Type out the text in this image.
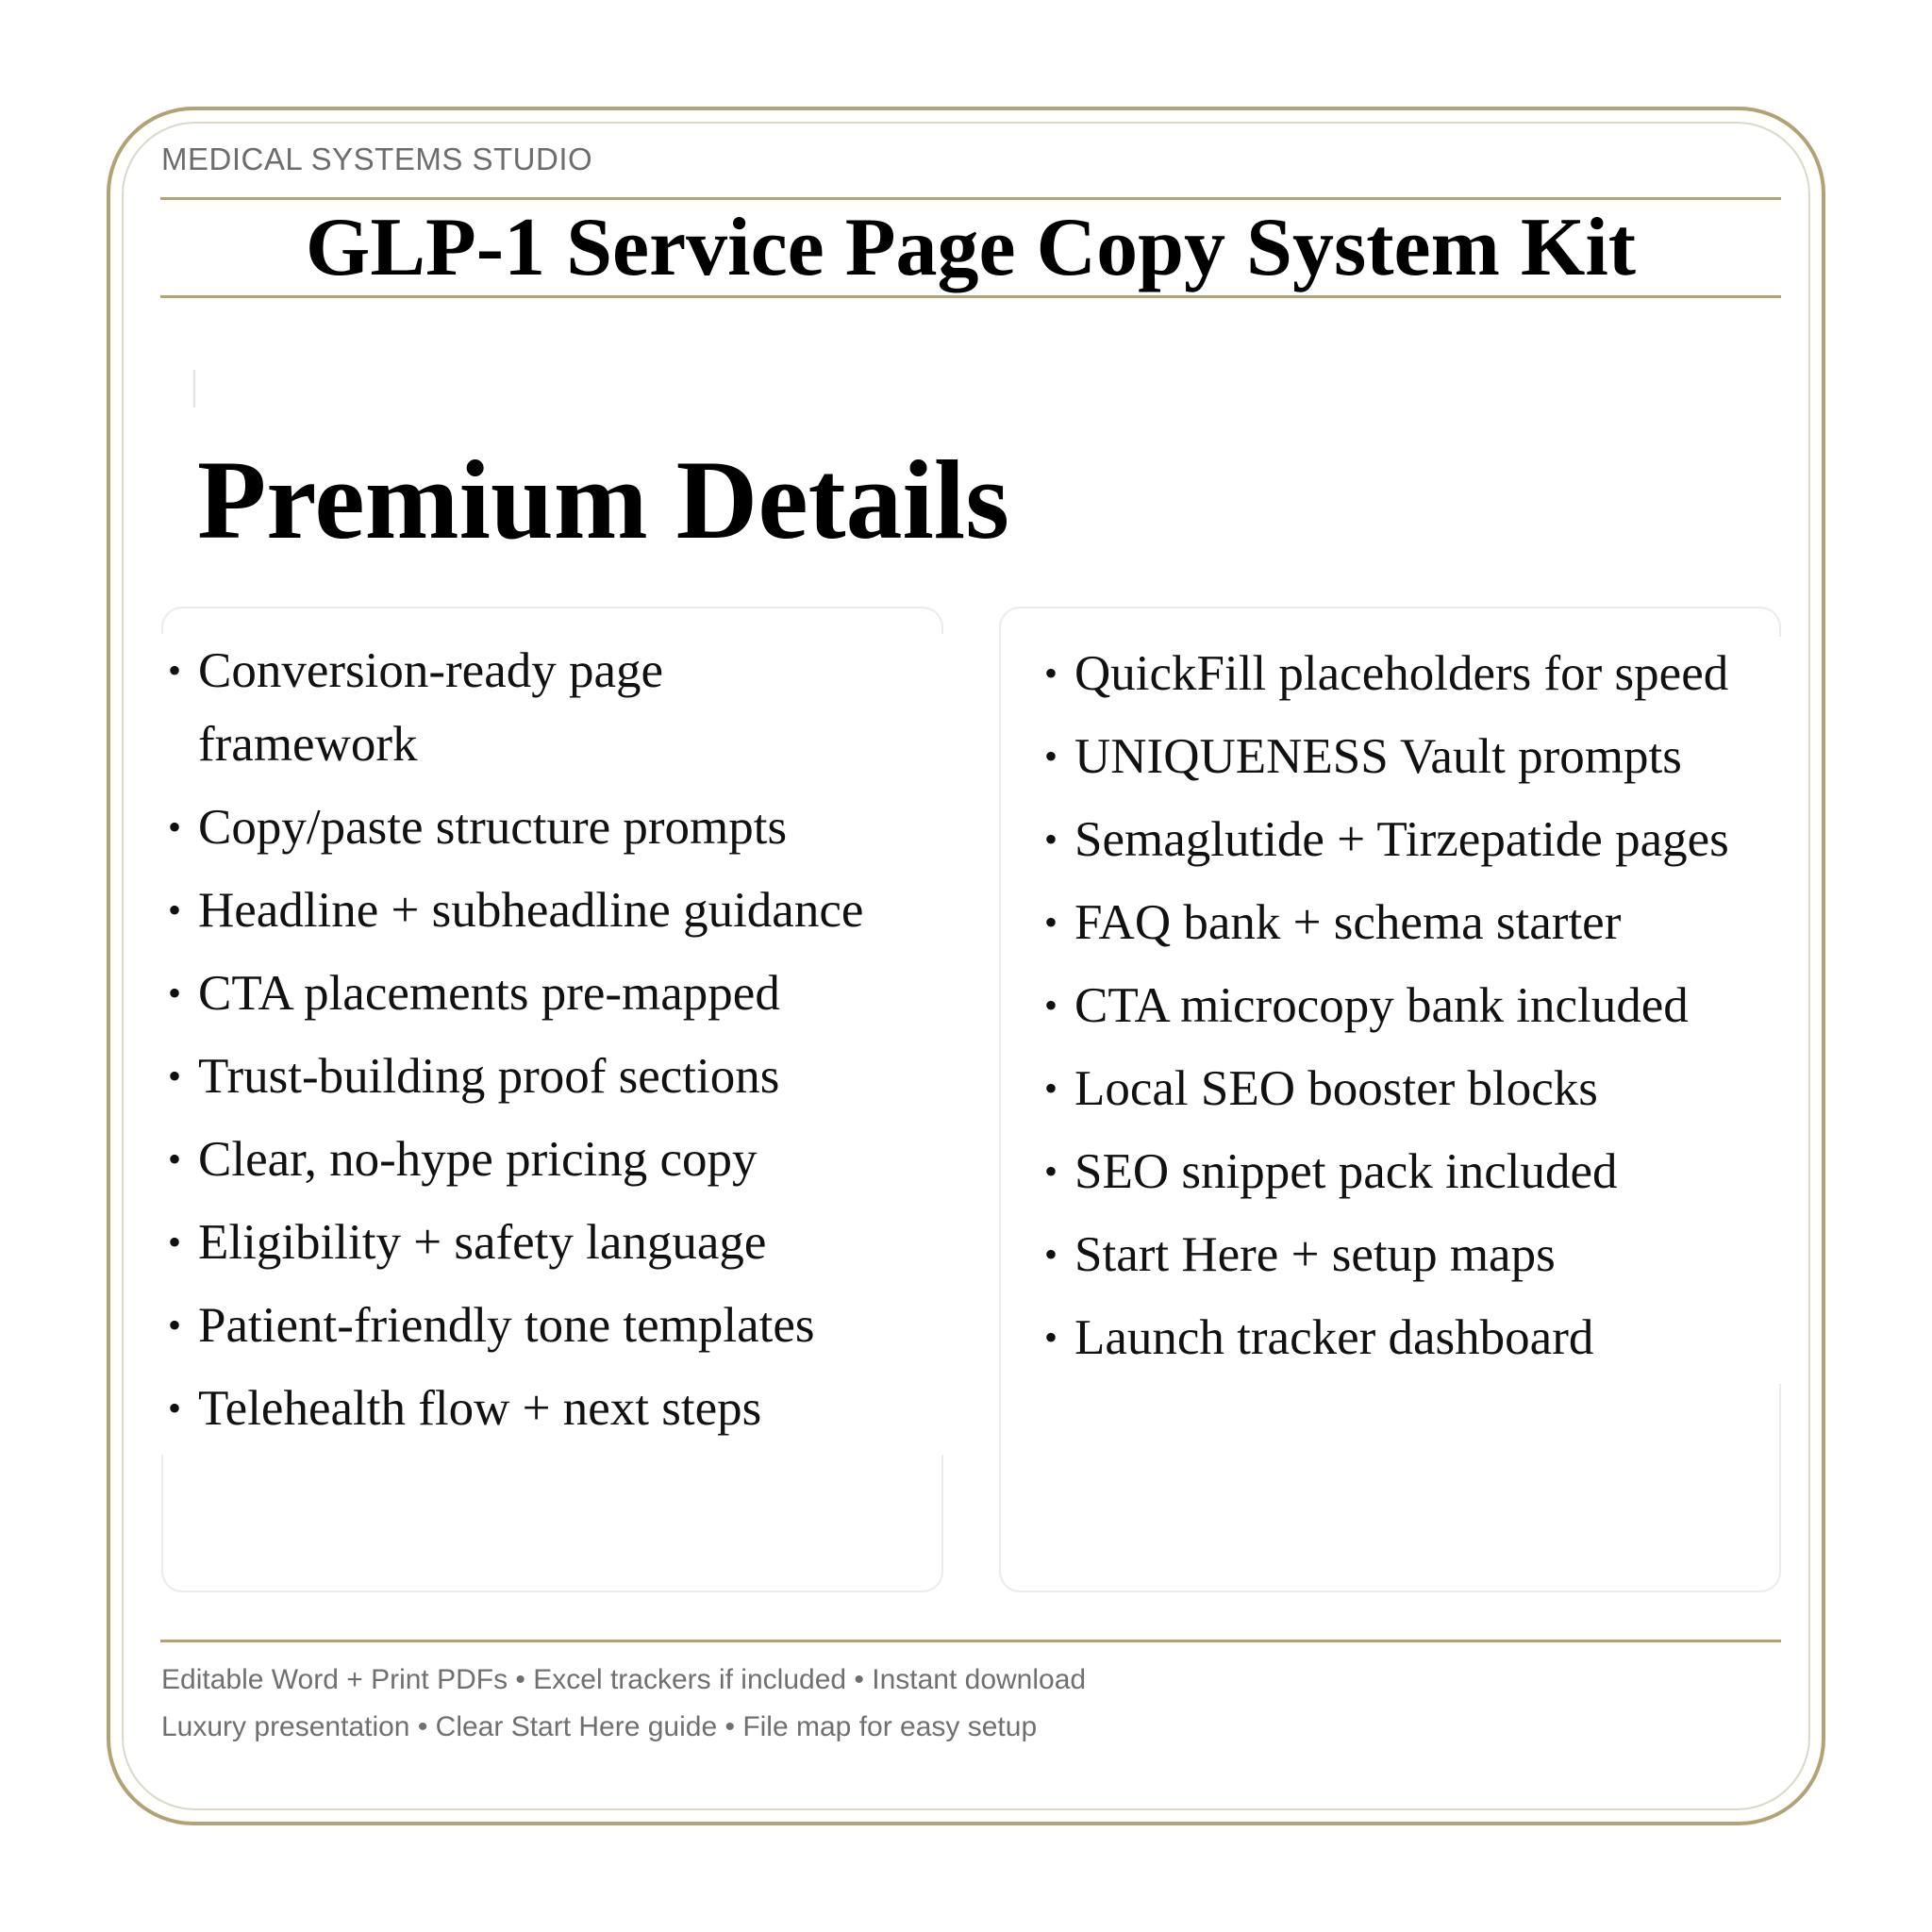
MEDICAL SYSTEMS STUDIO
GLP-1 Service Page Copy System Kit
Premium Details
• Conversion-ready page framework
• Copy/paste structure prompts
• Headline + subheadline guidance
• CTA placements pre-mapped
• Trust-building proof sections
• Clear, no-hype pricing copy
• Eligibility + safety language
• Patient-friendly tone templates
• Telehealth flow + next steps
• QuickFill placeholders for speed
• UNIQUENESS Vault prompts
• Semaglutide + Tirzepatide pages
• FAQ bank + schema starter
• CTA microcopy bank included
• Local SEO booster blocks
• SEO snippet pack included
• Start Here + setup maps
• Launch tracker dashboard
Editable Word + Print PDFs • Excel trackers if included • Instant download
Luxury presentation • Clear Start Here guide • File map for easy setup
